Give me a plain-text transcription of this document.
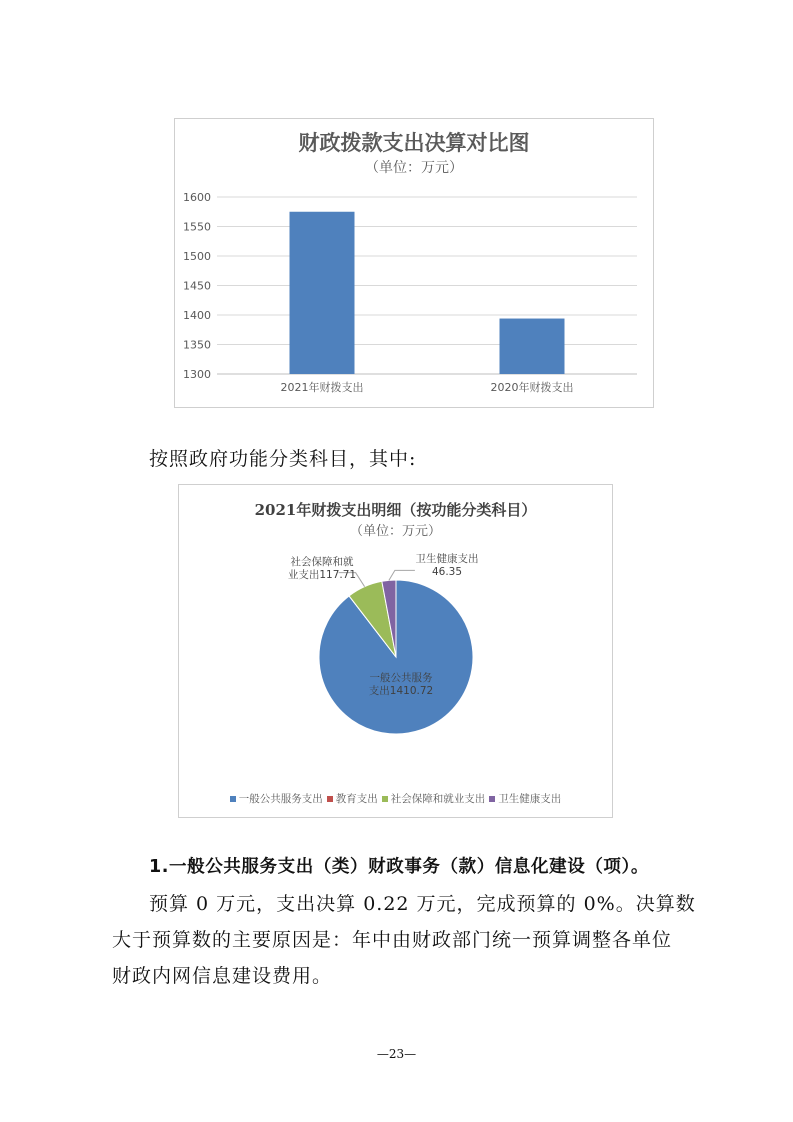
财政拨款支出决算对比图
（单位：万元）
1300
1350
1400
1450
1500
1550
1600
2021年财拨支出	2020年财拨支出
按照政府功能分类科目，其中:
2021年财拨支出明细（按功能分类科目）
（单位：万元）
一般公共服务
支出1410.72
社会保障和就
业支出117.71
卫生健康支出
46.35
一般公共服务支出 教育支出 社会保障和就业支出 卫生健康支出
1.一般公共服务支出（类）财政事务（款）信息化建设（项）。
预算 0 万元，支出决算 0.22 万元，完成预算的 0%。决算数
大于预算数的主要原因是：年中由财政部门统一预算调整各单位
财政内网信息建设费用。
—23—
